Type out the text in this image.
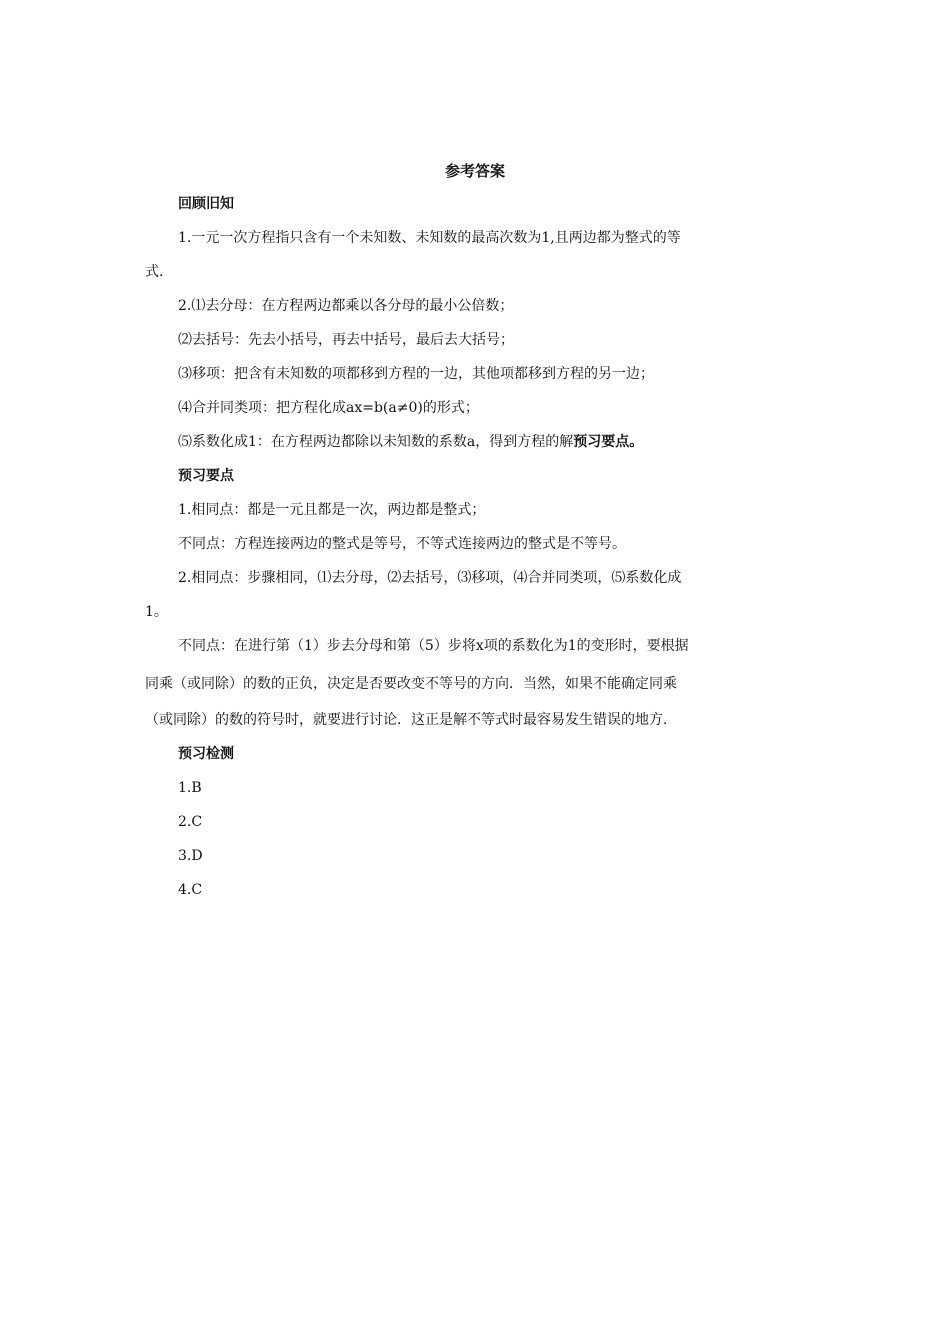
参考答案
回顾旧知
1.一元一次方程指只含有一个未知数、未知数的最高次数为1,且两边都为整式的等
式.
2.⑴去分母：在方程两边都乘以各分母的最小公倍数；
⑵去括号：先去小括号，再去中括号，最后去大括号；
⑶移项：把含有未知数的项都移到方程的一边，其他项都移到方程的另一边；
⑷合并同类项：把方程化成ax=b(a≠0)的形式；
⑸系数化成1：在方程两边都除以未知数的系数a，得到方程的解预习要点。
预习要点
1.相同点：都是一元且都是一次，两边都是整式；
不同点：方程连接两边的整式是等号，不等式连接两边的整式是不等号。
2.相同点：步骤相同，⑴去分母，⑵去括号，⑶移项，⑷合并同类项，⑸系数化成
1。
不同点：在进行第（1）步去分母和第（5）步将x项的系数化为1的变形时，要根据
同乘（或同除）的数的正负，决定是否要改变不等号的方向．当然，如果不能确定同乘
（或同除）的数的符号时，就要进行讨论．这正是解不等式时最容易发生错误的地方．
预习检测
1.B
2.C
3.D
4.C
